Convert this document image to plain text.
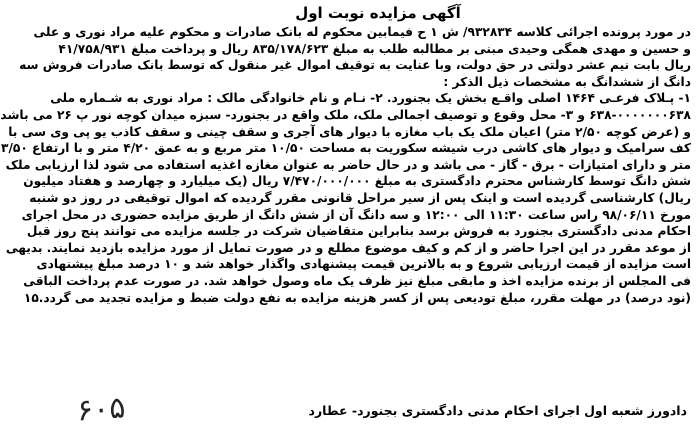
آگهی مزایده نوبت اول
در مورد پرونده اجرائی کلاسه ۹۳۲۸۳۴/ ش ۱ ح فیمابین محکوم له بانک صادرات و محکوم علیه مراد نوری و علی
و حسین و مهدی همگی وحیدی مبنی بر مطالبه طلب به مبلغ ۸۳۵/۱۷۸/۶۲۳ ریال و پرداخت مبلغ ۴۱/۷۵۸/۹۳۱
ریال بابت نیم عشر دولتی در حق دولت، وبا عنایت به توقیف اموال غیر منقول که توسط بانک صادرات فروش سه
دانگ از ششدانگ به مشخصات ذیل الذکر :
۱- پـلاک فرعـی ۱۴۶۴ اصلی واقـع بخش یک بجنورد. ۲- نـام و نام خانوادگی مالک : مراد نوری به شـماره ملی
۶۳۸-۰۰۰۰۰۰۰۶۳۸ و ۳- محل وقوع و توصیف اجمالی ملک، ملک واقع در بجنورد- سبزه میدان کوچه نور پ ۲۶ می باشد
و (عرض کوچه ۲/۵۰ متر) اعیان ملک یک باب مغازه با دیوار های آجری و سقف چینی و سقف کاذب یو پی وی سی با
کف سرامیک و دیوار های کاشی درب شیشه سکوریت به مساحت ۱۰/۵۰ متر مربع و به عمق ۴/۲۰ متر و با ارتفاع ۳/۵۰
متر و دارای امتیازات - برق - گاز - می باشد و در حال حاضر به عنوان مغازه اغذیه استفاده می شود لذا ارزیابی ملک
شش دانگ توسط کارشناس محترم دادگستری به مبلغ ۷/۴۷۰/۰۰۰/۰۰۰ ریال (یک میلیارد و چهارصد و هفتاد میلیون
ریال) کارشناسی گردیده است و اینک پس از سیر مراحل قانونی مقرر گردیده که اموال توقیفی در روز دو شنبه
مورخ ۹۸/۰۶/۱۱ راس ساعت ۱۱:۳۰ الی ۱۲:۰۰ و سه دانگ آن از شش دانگ از طریق مزایده حضوری در محل اجرای
احکام مدنی دادگستری بجنورد به فروش برسد بنابراین متقاضیان شرکت در جلسه مزایده می توانند پنج روز قبل
از موعد مقرر در این اجرا حاضر و از کم و کیف موضوع مطلع و در صورت تمایل از مورد مزایده بازدید نمایند. بدیهی
است مزایده از قیمت ارزیابی شروع و به بالاترین قیمت پیشنهادی واگذار خواهد شد و ۱۰ درصد مبلغ پیشنهادی
فی المجلس از برنده مزایده اخذ و مابقی مبلغ نیز ظرف یک ماه وصول خواهد شد. در صورت عدم پرداخت الباقی
(نود درصد) در مهلت مقرر، مبلغ تودیعی پس از کسر هزینه مزایده به نفع دولت ضبط و مزایده تجدید می گردد.۱۵
دادورز شعبه اول اجرای احکام مدنی دادگستری بجنورد- عطارد
۶۰۵
